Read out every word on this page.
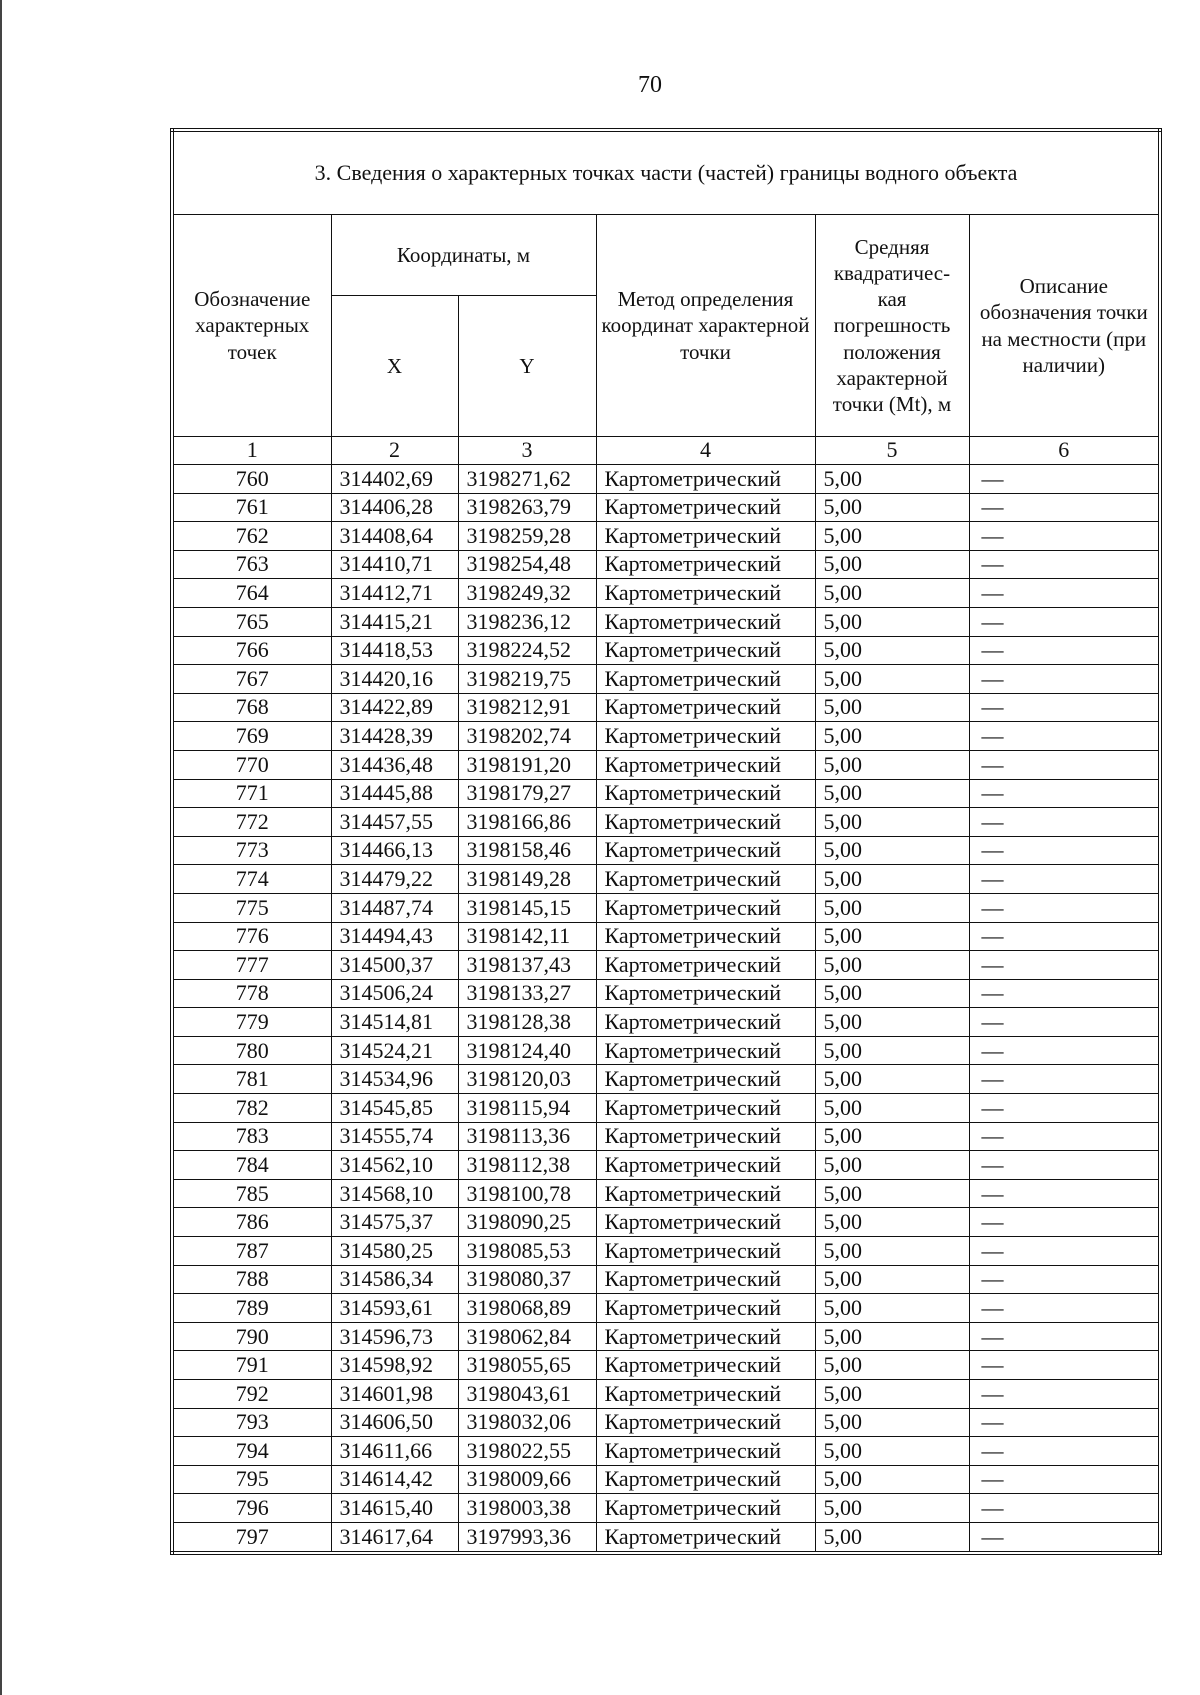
70
3. Сведения о характерных точках части (частей) границы водного объекта					
Обозначение характерных точек	Координаты, м		Метод определения координат характерной точки	Средняя квадратичес-кая погрешность положения характерной точки (Mt), м	Описание обозначения точки на местности (при наличии)
	X	Y			
1	2	3	4	5	6
760	314402,69	3198271,62	Картометрический	5,00	—
761	314406,28	3198263,79	Картометрический	5,00	—
762	314408,64	3198259,28	Картометрический	5,00	—
763	314410,71	3198254,48	Картометрический	5,00	—
764	314412,71	3198249,32	Картометрический	5,00	—
765	314415,21	3198236,12	Картометрический	5,00	—
766	314418,53	3198224,52	Картометрический	5,00	—
767	314420,16	3198219,75	Картометрический	5,00	—
768	314422,89	3198212,91	Картометрический	5,00	—
769	314428,39	3198202,74	Картометрический	5,00	—
770	314436,48	3198191,20	Картометрический	5,00	—
771	314445,88	3198179,27	Картометрический	5,00	—
772	314457,55	3198166,86	Картометрический	5,00	—
773	314466,13	3198158,46	Картометрический	5,00	—
774	314479,22	3198149,28	Картометрический	5,00	—
775	314487,74	3198145,15	Картометрический	5,00	—
776	314494,43	3198142,11	Картометрический	5,00	—
777	314500,37	3198137,43	Картометрический	5,00	—
778	314506,24	3198133,27	Картометрический	5,00	—
779	314514,81	3198128,38	Картометрический	5,00	—
780	314524,21	3198124,40	Картометрический	5,00	—
781	314534,96	3198120,03	Картометрический	5,00	—
782	314545,85	3198115,94	Картометрический	5,00	—
783	314555,74	3198113,36	Картометрический	5,00	—
784	314562,10	3198112,38	Картометрический	5,00	—
785	314568,10	3198100,78	Картометрический	5,00	—
786	314575,37	3198090,25	Картометрический	5,00	—
787	314580,25	3198085,53	Картометрический	5,00	—
788	314586,34	3198080,37	Картометрический	5,00	—
789	314593,61	3198068,89	Картометрический	5,00	—
790	314596,73	3198062,84	Картометрический	5,00	—
791	314598,92	3198055,65	Картометрический	5,00	—
792	314601,98	3198043,61	Картометрический	5,00	—
793	314606,50	3198032,06	Картометрический	5,00	—
794	314611,66	3198022,55	Картометрический	5,00	—
795	314614,42	3198009,66	Картометрический	5,00	—
796	314615,40	3198003,38	Картометрический	5,00	—
797	314617,64	3197993,36	Картометрический	5,00	—
